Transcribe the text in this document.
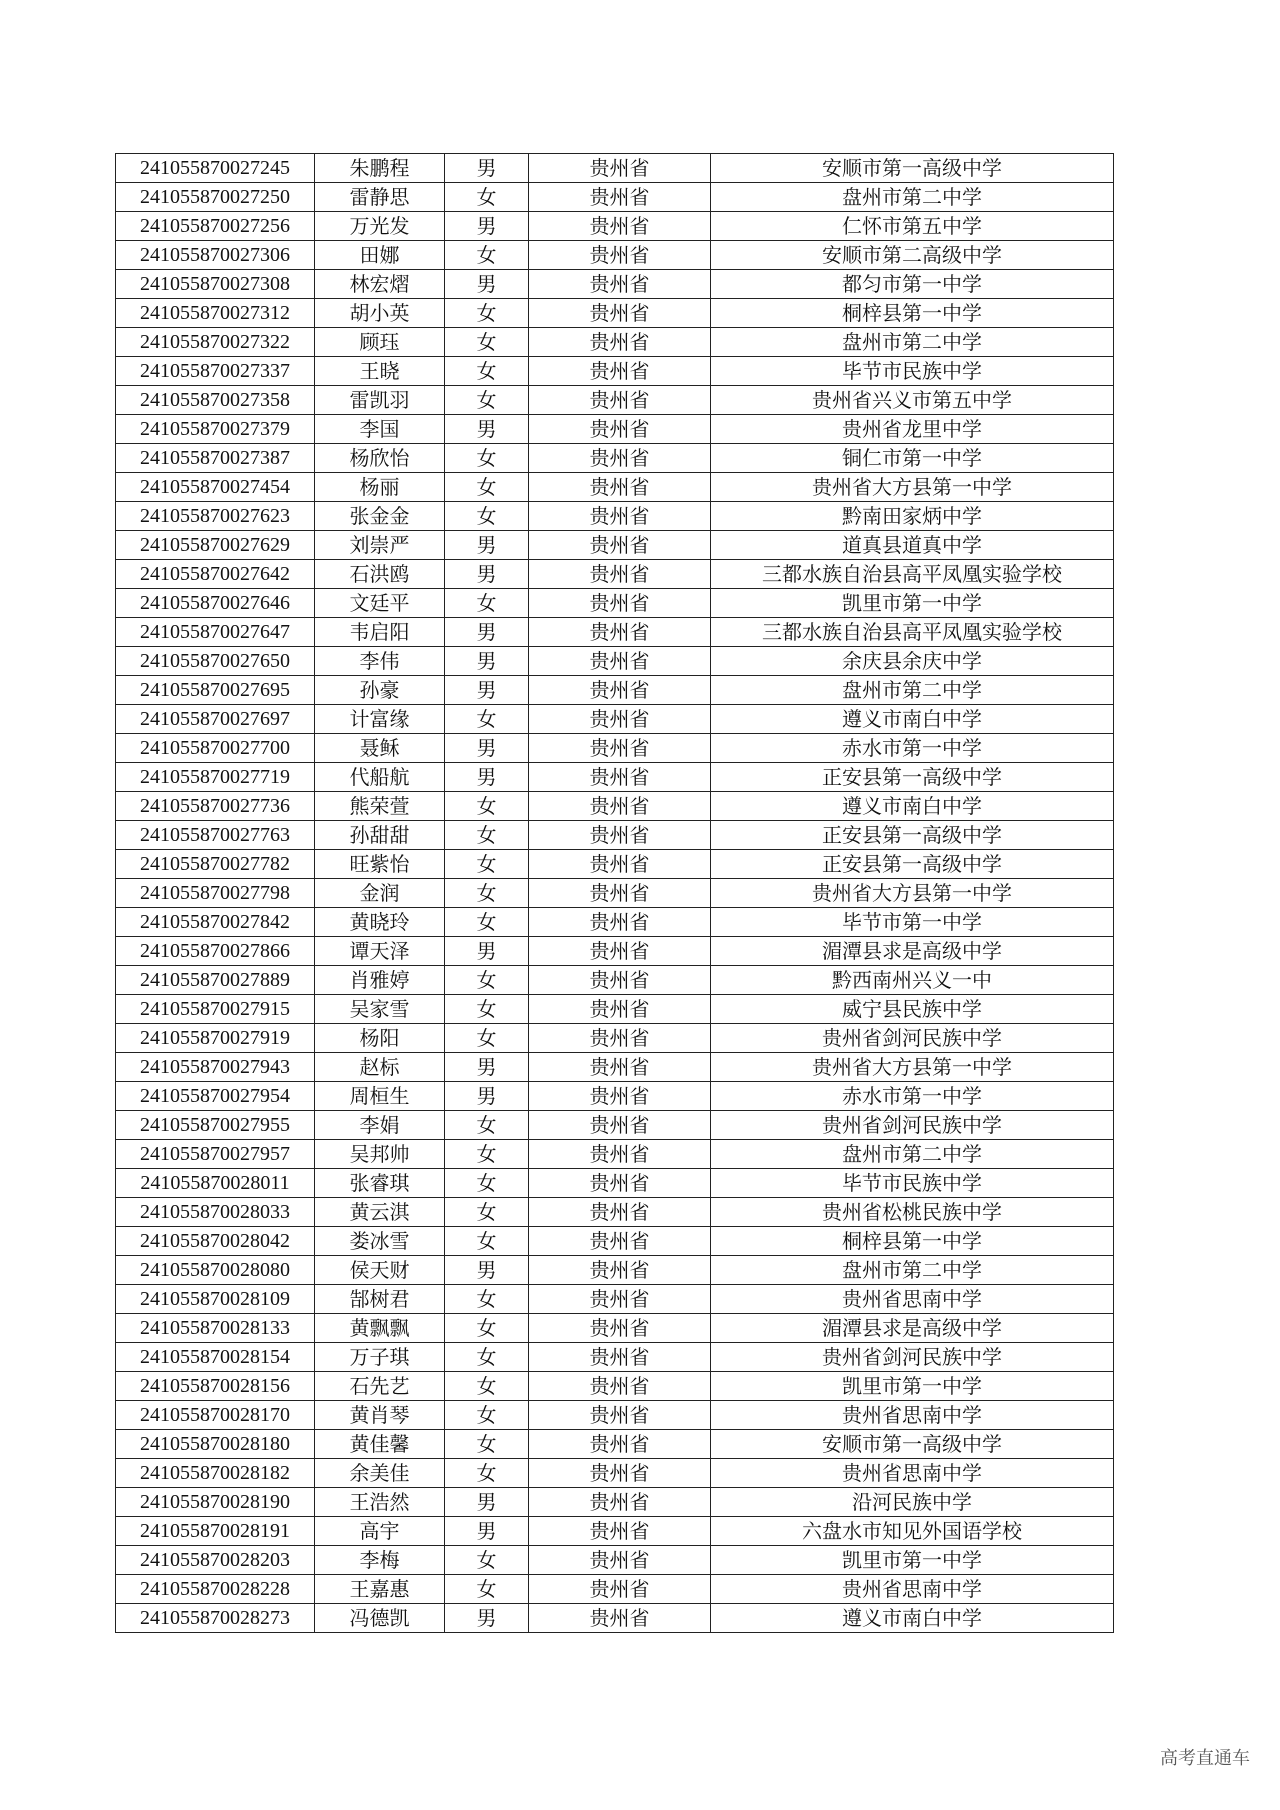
241055870027245	朱鹏程	男	贵州省	安顺市第一高级中学
241055870027250	雷静思	女	贵州省	盘州市第二中学
241055870027256	万光发	男	贵州省	仁怀市第五中学
241055870027306	田娜	女	贵州省	安顺市第二高级中学
241055870027308	林宏熠	男	贵州省	都匀市第一中学
241055870027312	胡小英	女	贵州省	桐梓县第一中学
241055870027322	顾珏	女	贵州省	盘州市第二中学
241055870027337	王晓	女	贵州省	毕节市民族中学
241055870027358	雷凯羽	女	贵州省	贵州省兴义市第五中学
241055870027379	李国	男	贵州省	贵州省龙里中学
241055870027387	杨欣怡	女	贵州省	铜仁市第一中学
241055870027454	杨丽	女	贵州省	贵州省大方县第一中学
241055870027623	张金金	女	贵州省	黔南田家炳中学
241055870027629	刘崇严	男	贵州省	道真县道真中学
241055870027642	石洪鸥	男	贵州省	三都水族自治县高平凤凰实验学校
241055870027646	文廷平	女	贵州省	凯里市第一中学
241055870027647	韦启阳	男	贵州省	三都水族自治县高平凤凰实验学校
241055870027650	李伟	男	贵州省	余庆县余庆中学
241055870027695	孙豪	男	贵州省	盘州市第二中学
241055870027697	计富缘	女	贵州省	遵义市南白中学
241055870027700	聂稣	男	贵州省	赤水市第一中学
241055870027719	代船航	男	贵州省	正安县第一高级中学
241055870027736	熊荣萱	女	贵州省	遵义市南白中学
241055870027763	孙甜甜	女	贵州省	正安县第一高级中学
241055870027782	旺紫怡	女	贵州省	正安县第一高级中学
241055870027798	金润	女	贵州省	贵州省大方县第一中学
241055870027842	黄晓玲	女	贵州省	毕节市第一中学
241055870027866	谭天泽	男	贵州省	湄潭县求是高级中学
241055870027889	肖雅婷	女	贵州省	黔西南州兴义一中
241055870027915	吴家雪	女	贵州省	威宁县民族中学
241055870027919	杨阳	女	贵州省	贵州省剑河民族中学
241055870027943	赵标	男	贵州省	贵州省大方县第一中学
241055870027954	周桓生	男	贵州省	赤水市第一中学
241055870027955	李娟	女	贵州省	贵州省剑河民族中学
241055870027957	吴邦帅	女	贵州省	盘州市第二中学
241055870028011	张睿琪	女	贵州省	毕节市民族中学
241055870028033	黄云淇	女	贵州省	贵州省松桃民族中学
241055870028042	娄冰雪	女	贵州省	桐梓县第一中学
241055870028080	侯天财	男	贵州省	盘州市第二中学
241055870028109	郜树君	女	贵州省	贵州省思南中学
241055870028133	黄飘飘	女	贵州省	湄潭县求是高级中学
241055870028154	万子琪	女	贵州省	贵州省剑河民族中学
241055870028156	石先艺	女	贵州省	凯里市第一中学
241055870028170	黄肖琴	女	贵州省	贵州省思南中学
241055870028180	黄佳馨	女	贵州省	安顺市第一高级中学
241055870028182	余美佳	女	贵州省	贵州省思南中学
241055870028190	王浩然	男	贵州省	沿河民族中学
241055870028191	高宇	男	贵州省	六盘水市知见外国语学校
241055870028203	李梅	女	贵州省	凯里市第一中学
241055870028228	王嘉惠	女	贵州省	贵州省思南中学
241055870028273	冯德凯	男	贵州省	遵义市南白中学
高考直通车
